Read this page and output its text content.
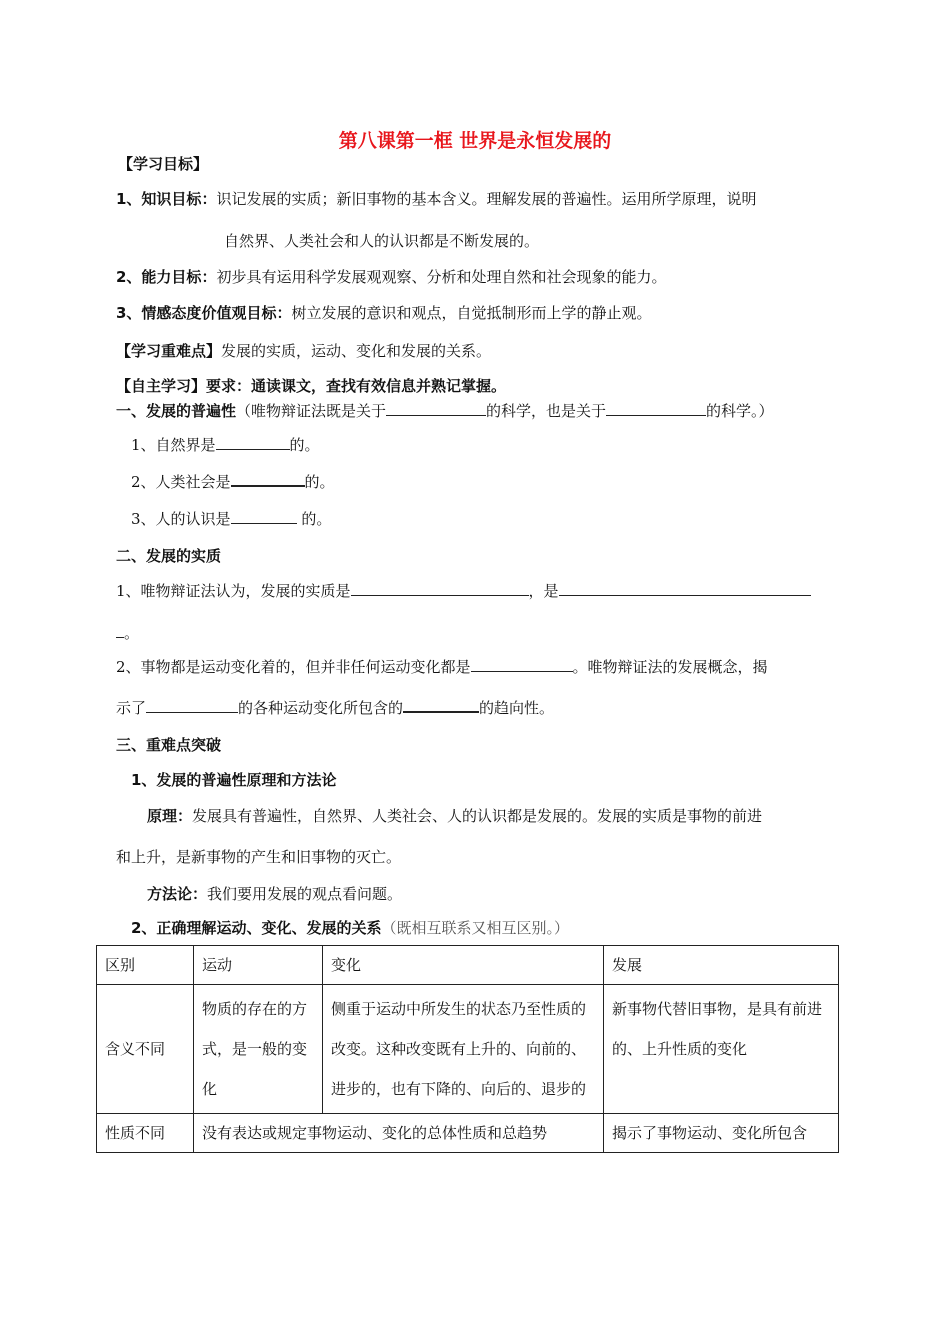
第八课第一框 世界是永恒发展的
【学习目标】
1、知识目标：识记发展的实质；新旧事物的基本含义。理解发展的普遍性。运用所学原理，说明
自然界、人类社会和人的认识都是不断发展的。
2、能力目标：初步具有运用科学发展观观察、分析和处理自然和社会现象的能力。
3、情感态度价值观目标：树立发展的意识和观点，自觉抵制形而上学的静止观。
【学习重难点】发展的实质，运动、变化和发展的关系。
【自主学习】要求：通读课文，查找有效信息并熟记掌握。
一、发展的普遍性（唯物辩证法既是关于	的科学，也是关于	的科学。）
1、自然界是	的。
2、人类社会是	的。
3、人的认识是	的。
二、发展的实质
1、唯物辩证法认为，发展的实质是	，是
。
2、事物都是运动变化着的，但并非任何运动变化都是	。唯物辩证法的发展概念，揭
示了	的各种运动变化所包含的	的趋向性。
三、重难点突破
1、发展的普遍性原理和方法论
原理：发展具有普遍性，自然界、人类社会、人的认识都是发展的。发展的实质是事物的前进
和上升，是新事物的产生和旧事物的灭亡。
方法论：我们要用发展的观点看问题。
2、正确理解运动、变化、发展的关系（既相互联系又相互区别。）
区别	运动	变化	发展
含义不同	物质的存在的方式，是一般的变化	侧重于运动中所发生的状态乃至性质的改变。这种改变既有上升的、向前的、进步的，也有下降的、向后的、退步的	新事物代替旧事物，是具有前进的、上升性质的变化
性质不同	没有表达或规定事物运动、变化的总体性质和总趋势		揭示了事物运动、变化所包含
